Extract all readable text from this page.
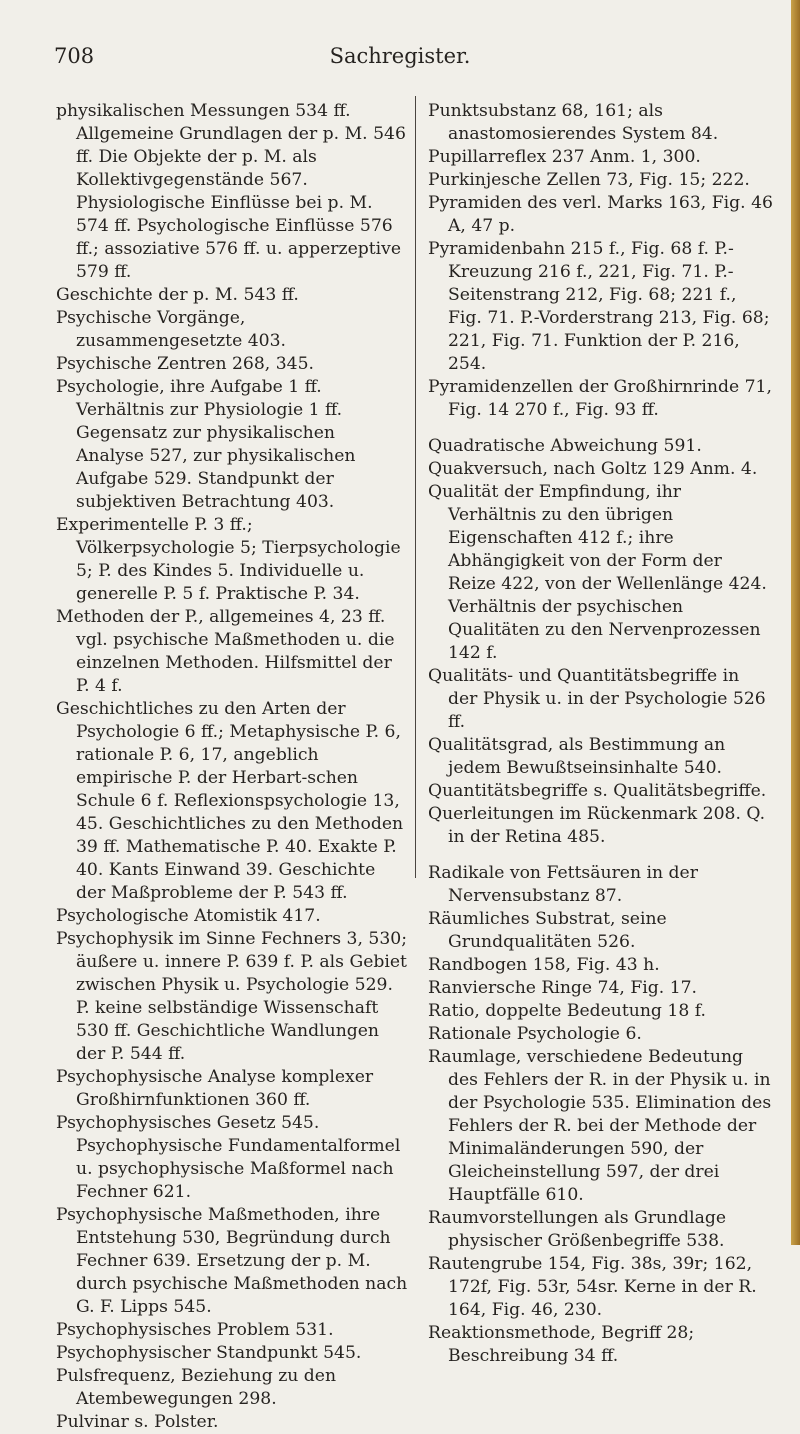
708	Sachregister.

physikalischen Messungen 534 ff. Allgemeine Grundlagen der p. M. 546 ff. Die Objekte der p. M. als Kollektivgegenstände 567. Physiologische Einflüsse bei p. M. 574 ff. Psychologische Einflüsse 576 ff.; assoziative 576 ff. u. apperzeptive 579 ff.

Geschichte der p. M. 543 ff.

Psychische Vorgänge, zusammengesetzte 403.

Psychische Zentren 268, 345.

Psychologie, ihre Aufgabe 1 ff. Verhältnis zur Physiologie 1 ff. Gegensatz zur physikalischen Analyse 527, zur physikalischen Aufgabe 529. Standpunkt der subjektiven Betrachtung 403.

Experimentelle P. 3 ff.; Völkerpsychologie 5; Tierpsychologie 5; P. des Kindes 5. Individuelle u. generelle P. 5 f. Praktische P. 34.

Methoden der P., allgemeines 4, 23 ff. vgl. psychische Maßmethoden u. die einzelnen Methoden. Hilfsmittel der P. 4 f.

Geschichtliches zu den Arten der Psychologie 6 ff.; Metaphysische P. 6, rationale P. 6, 17, angeblich empirische P. der Herbart-schen Schule 6 f. Reflexionspsychologie 13, 45. Geschichtliches zu den Methoden 39 ff. Mathematische P. 40. Exakte P. 40. Kants Einwand 39. Geschichte der Maßprobleme der P. 543 ff.

Psychologische Atomistik 417.

Psychophysik im Sinne Fechners 3, 530; äußere u. innere P. 639 f. P. als Gebiet zwischen Physik u. Psychologie 529. P. keine selbständige Wissenschaft 530 ff. Geschichtliche Wandlungen der P. 544 ff.

Psychophysische Analyse komplexer Großhirnfunktionen 360 ff.

Psychophysisches Gesetz 545. Psychophysische Fundamentalformel u. psychophysische Maßformel nach Fechner 621.

Psychophysische Maßmethoden, ihre Entstehung 530, Begründung durch Fechner 639. Ersetzung der p. M. durch psychische Maßmethoden nach G. F. Lipps 545.

Psychophysisches Problem 531.

Psychophysischer Standpunkt 545.

Pulsfrequenz, Beziehung zu den Atembewegungen 298.

Pulvinar s. Polster.

Punktsubstanz 68, 161; als anastomosierendes System 84.

Pupillarreflex 237 Anm. 1, 300.

Purkinjesche Zellen 73, Fig. 15; 222.

Pyramiden des verl. Marks 163, Fig. 46 A, 47 p.

Pyramidenbahn 215 f., Fig. 68 f. P.-Kreuzung 216 f., 221, Fig. 71. P.-Seitenstrang 212, Fig. 68; 221 f., Fig. 71. P.-Vorderstrang 213, Fig. 68; 221, Fig. 71. Funktion der P. 216, 254.

Pyramidenzellen der Großhirnrinde 71, Fig. 14 270 f., Fig. 93 ff.

Quadratische Abweichung 591.

Quakversuch, nach Goltz 129 Anm. 4.

Qualität der Empfindung, ihr Verhältnis zu den übrigen Eigenschaften 412 f.; ihre Abhängigkeit von der Form der Reize 422, von der Wellenlänge 424. Verhältnis der psychischen Qualitäten zu den Nervenprozessen 142 f.

Qualitäts- und Quantitätsbegriffe in der Physik u. in der Psychologie 526 ff.

Qualitätsgrad, als Bestimmung an jedem Bewußtseinsinhalte 540.

Quantitätsbegriffe s. Qualitätsbegriffe.

Querleitungen im Rückenmark 208. Q. in der Retina 485.

Radikale von Fettsäuren in der Nervensubstanz 87.

Räumliches Substrat, seine Grundqualitäten 526.

Randbogen 158, Fig. 43 h.

Ranviersche Ringe 74, Fig. 17.

Ratio, doppelte Bedeutung 18 f.

Rationale Psychologie 6.

Raumlage, verschiedene Bedeutung des Fehlers der R. in der Physik u. in der Psychologie 535. Elimination des Fehlers der R. bei der Methode der Minimaländerungen 590, der Gleicheinstellung 597, der drei Hauptfälle 610.

Raumvorstellungen als Grundlage physischer Größenbegriffe 538.

Rautengrube 154, Fig. 38s, 39r; 162, 172f, Fig. 53r, 54sr. Kerne in der R. 164, Fig. 46, 230.

Reaktionsmethode, Begriff 28; Beschreibung 34 ff.
